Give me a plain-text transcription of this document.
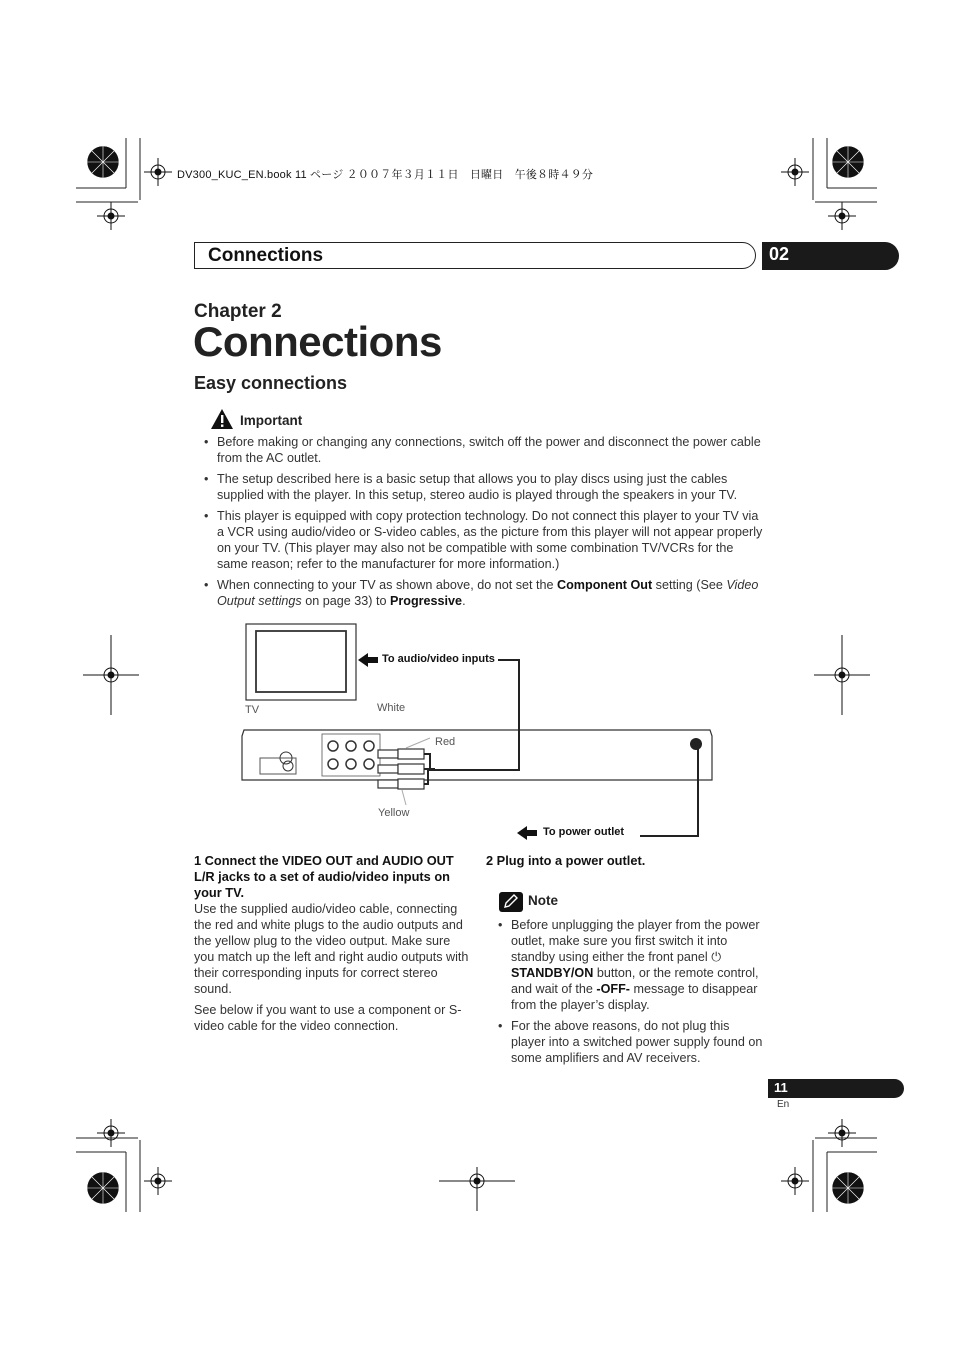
DV300_KUC_EN.book 11 ページ ２００７年３月１１日　日曜日　午後８時４９分
Connections	02
Chapter 2
Connections
Easy connections
Important
• Before making or changing any connections, switch off the power and disconnect the power cable from the AC outlet.
• The setup described here is a basic setup that allows you to play discs using just the cables supplied with the player. In this setup, stereo audio is played through the speakers in your TV.
• This player is equipped with copy protection technology. Do not connect this player to your TV via a VCR using audio/video or S-video cables, as the picture from this player will not appear properly on your TV. (This player may also not be compatible with some combination TV/VCRs for the same reason; refer to the manufacturer for more information.)
• When connecting to your TV as shown above, do not set the Component Out setting (See Video Output settings on page 33) to Progressive.
TV
To audio/video inputs
White
Red
Yellow
To power outlet

1 Connect the VIDEO OUT and AUDIO OUT L/R jacks to a set of audio/video inputs on your TV.

Use the supplied audio/video cable, connecting the red and white plugs to the audio outputs and the yellow plug to the video output. Make sure you match up the left and right audio outputs with their corresponding inputs for correct stereo sound.

See below if you want to use a component or S-video cable for the video connection.

2 Plug into a power outlet.
Note
• Before unplugging the player from the power outlet, make sure you first switch it into standby using either the front panel ⏻
STANDBY/ON button, or the remote control, and wait of the -OFF- message to disappear from the player’s display.
• For the above reasons, do not plug this player into a switched power supply found on some amplifiers and AV receivers.
11
En
